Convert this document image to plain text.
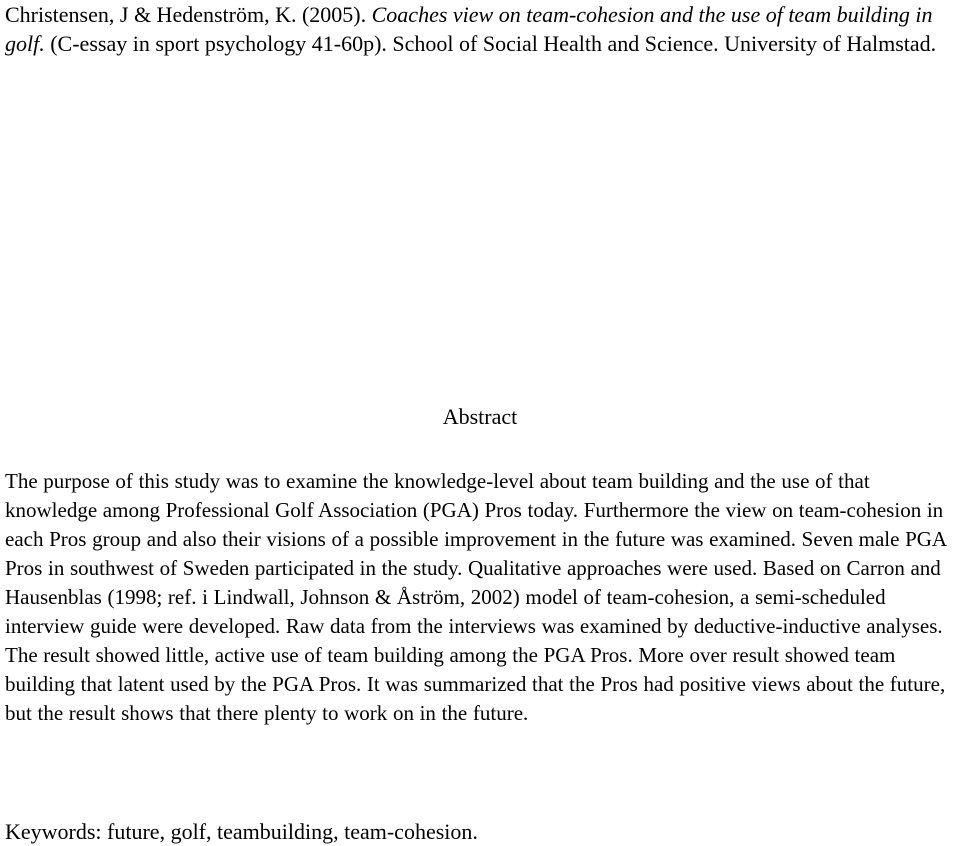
Christensen, J & Hedenström, K. (2005). Coaches view on team-cohesion and the use of team building in golf. (C-essay in sport psychology 41-60p). School of Social Health and Science. University of Halmstad.
Abstract
The purpose of this study was to examine the knowledge-level about team building and the use of that knowledge among Professional Golf Association (PGA) Pros today. Furthermore the view on team-cohesion in each Pros group and also their visions of a possible improvement in the future was examined. Seven male PGA Pros in southwest of Sweden participated in the study. Qualitative approaches were used. Based on Carron and Hausenblas (1998; ref. i Lindwall, Johnson & Åström, 2002) model of team-cohesion, a semi-scheduled interview guide were developed. Raw data from the interviews was examined by deductive-inductive analyses. The result showed little, active use of team building among the PGA Pros. More over result showed team building that latent used by the PGA Pros. It was summarized that the Pros had positive views about the future, but the result shows that there plenty to work on in the future.
Keywords: future, golf, teambuilding, team-cohesion.
